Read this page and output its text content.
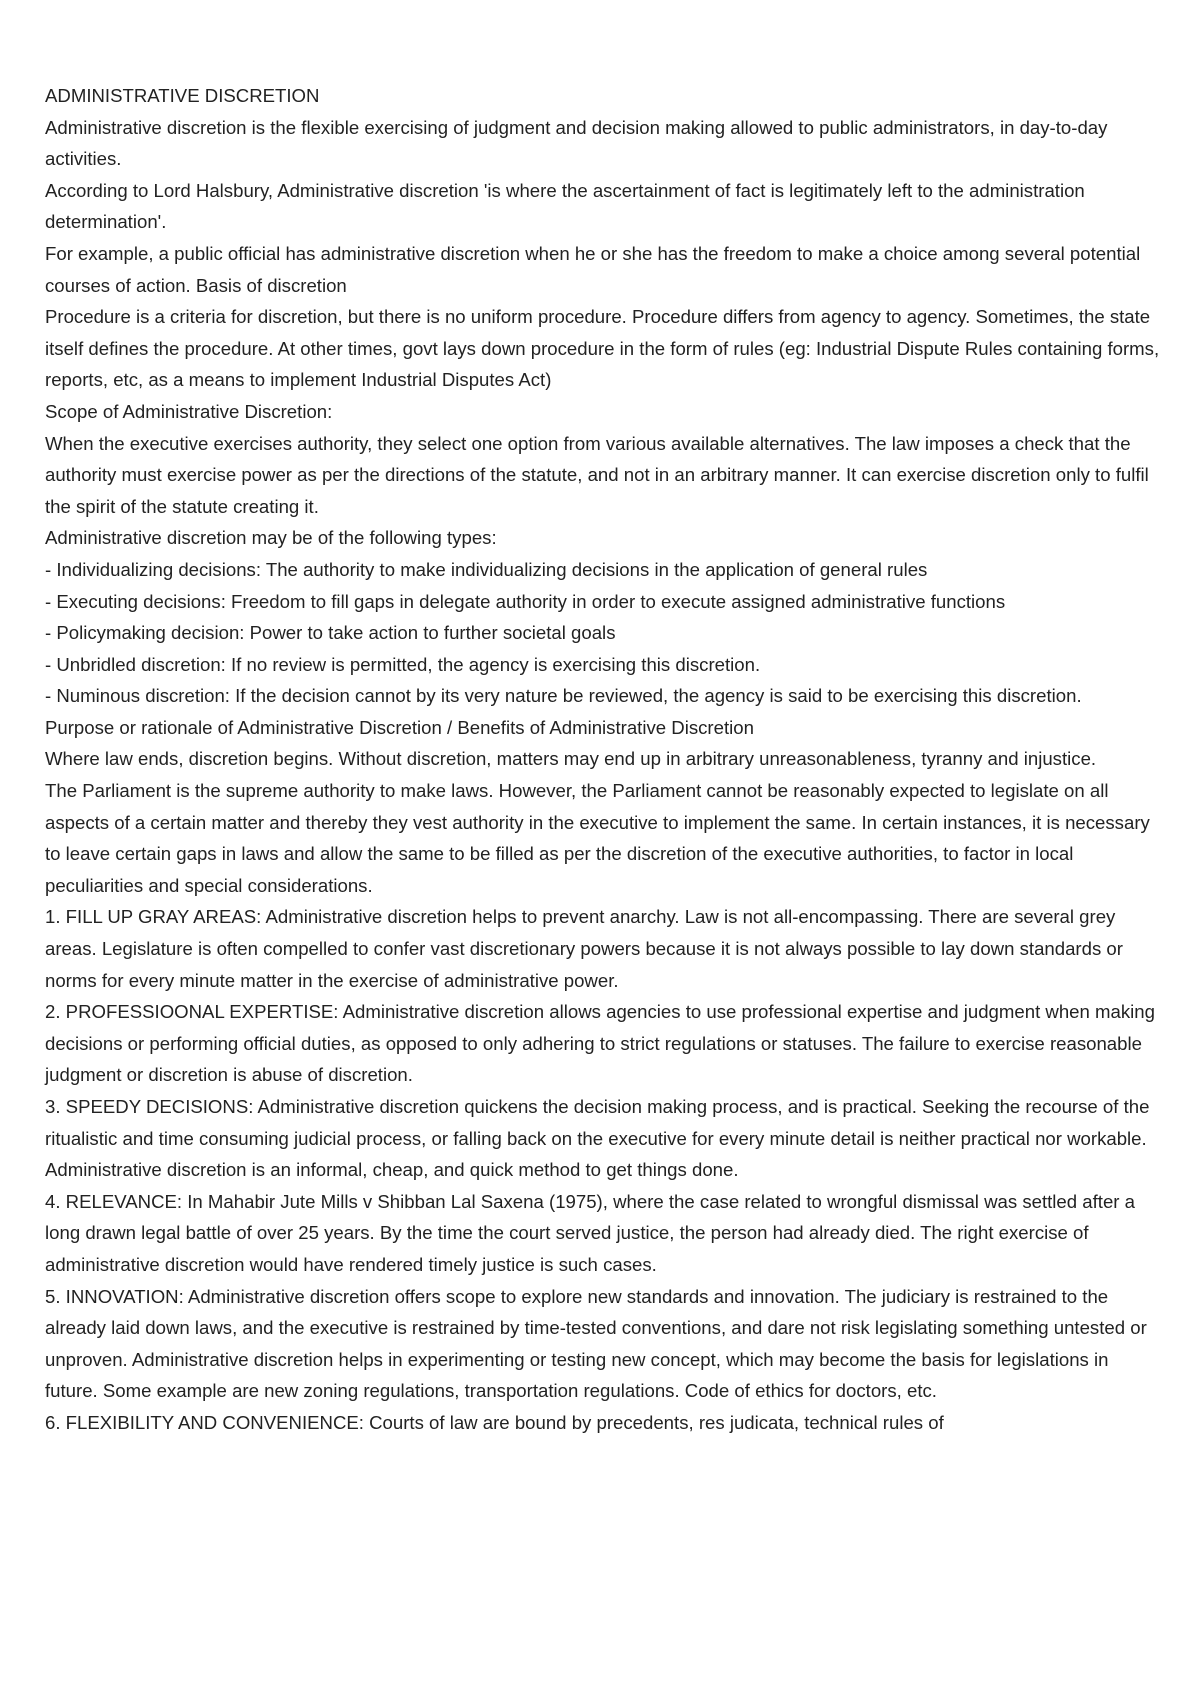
ADMINISTRATIVE DISCRETION

Administrative discretion is the flexible exercising of judgment and decision making allowed to public administrators, in day-to-day activities.

According to Lord Halsbury, Administrative discretion 'is where the ascertainment of fact is legitimately left to the administration determination'.

For example, a public official has administrative discretion when he or she has the freedom to make a choice among several potential courses of action. Basis of discretion

Procedure is a criteria for discretion, but there is no uniform procedure. Procedure differs from agency to agency. Sometimes, the state itself defines the procedure. At other times, govt lays down procedure in the form of rules (eg: Industrial Dispute Rules containing forms, reports, etc, as a means to implement Industrial Disputes Act)

Scope of Administrative Discretion:

When the executive exercises authority, they select one option from various available alternatives. The law imposes a check that the authority must exercise power as per the directions of the statute, and not in an arbitrary manner. It can exercise discretion only to fulfil the spirit of the statute creating it.

Administrative discretion may be of the following types:

- Individualizing decisions: The authority to make individualizing decisions in the application of general rules

- Executing decisions: Freedom to fill gaps in delegate authority in order to execute assigned administrative functions

- Policymaking decision: Power to take action to further societal goals

- Unbridled discretion: If no review is permitted, the agency is exercising this discretion.

- Numinous discretion: If the decision cannot by its very nature be reviewed, the agency is said to be exercising this discretion.

Purpose or rationale of Administrative Discretion / Benefits of Administrative Discretion

Where law ends, discretion begins. Without discretion, matters may end up in arbitrary unreasonableness, tyranny and injustice.

The Parliament is the supreme authority to make laws. However, the Parliament cannot be reasonably expected to legislate on all aspects of a certain matter and thereby they vest authority in the executive to implement the same. In certain instances, it is necessary to leave certain gaps in laws and allow the same to be filled as per the discretion of the executive authorities, to factor in local peculiarities and special considerations.

1. FILL UP GRAY AREAS: Administrative discretion helps to prevent anarchy. Law is not all-encompassing. There are several grey areas. Legislature is often compelled to confer vast discretionary powers because it is not always possible to lay down standards or norms for every minute matter in the exercise of administrative power.

2. PROFESSIOONAL EXPERTISE: Administrative discretion allows agencies to use professional expertise and judgment when making decisions or performing official duties, as opposed to only adhering to strict regulations or statuses. The failure to exercise reasonable judgment or discretion is abuse of discretion.

3. SPEEDY DECISIONS: Administrative discretion quickens the decision making process, and is practical. Seeking the recourse of the ritualistic and time consuming judicial process, or falling back on the executive for every minute detail is neither practical nor workable. Administrative discretion is an informal, cheap, and quick method to get things done.

4. RELEVANCE: In Mahabir Jute Mills v Shibban Lal Saxena (1975), where the case related to wrongful dismissal was settled after a long drawn legal battle of over 25 years. By the time the court served justice, the person had already died. The right exercise of administrative discretion would have rendered timely justice is such cases.

5. INNOVATION: Administrative discretion offers scope to explore new standards and innovation. The judiciary is restrained to the already laid down laws, and the executive is restrained by time-tested conventions, and dare not risk legislating something untested or unproven. Administrative discretion helps in experimenting or testing new concept, which may become the basis for legislations in future. Some example are new zoning regulations, transportation regulations. Code of ethics for doctors, etc.

6. FLEXIBILITY AND CONVENIENCE: Courts of law are bound by precedents, res judicata, technical rules of
